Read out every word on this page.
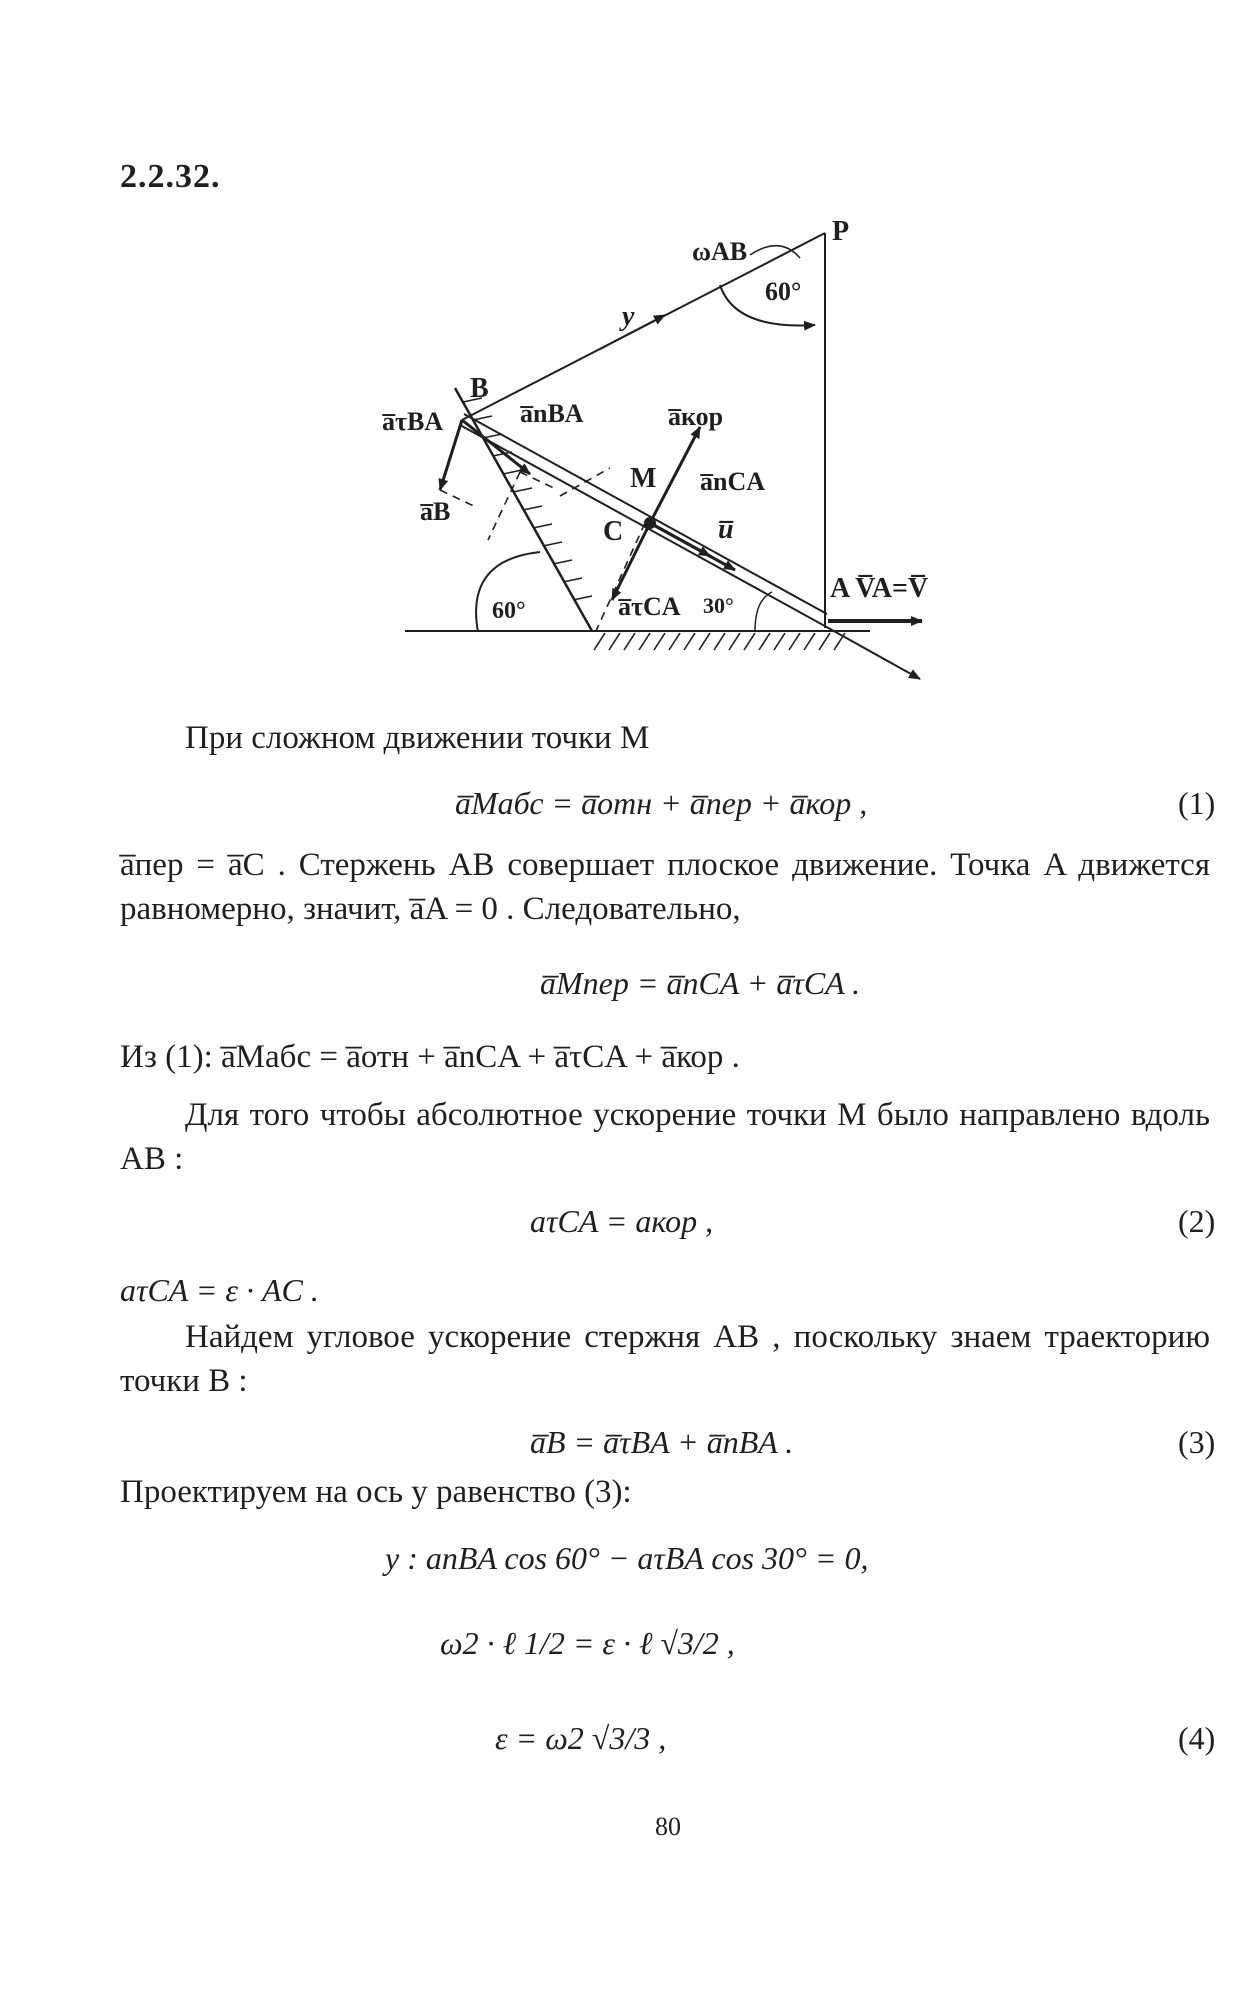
2.2.32.
ωAB
P
60°
y
B
a̅τBA	a̅nBA	a̅кор
M a̅nCA
C	u̅
a̅B
a̅τCA 30°
60°
A V̅A=V̅
При сложном движении точки M
a̅Mабс = a̅отн + a̅пер + a̅кор ,	(1)
a̅пер = a̅C . Стержень AB совершает плоское движение. Точка A движется равномерно, значит, a̅A = 0 . Следовательно,
a̅Mпер = a̅nCA + a̅τCA .
Из (1): a̅Mабс = a̅отн + a̅nCA + a̅τCA + a̅кор .
Для того чтобы абсолютное ускорение точки M было направлено вдоль AB :
aτCA = aкор ,	(2)
aτCA = ε · AC .
Найдем угловое ускорение стержня AB , поскольку знаем траекторию точки B :
a̅B = a̅τBA + a̅nBA .	(3)
Проектируем на ось y равенство (3):
y : anBA cos 60° − aτBA cos 30° = 0,
ω2 · ℓ 1/2 = ε · ℓ √3/2 ,
ε = ω2 √3/3 ,	(4)
80
